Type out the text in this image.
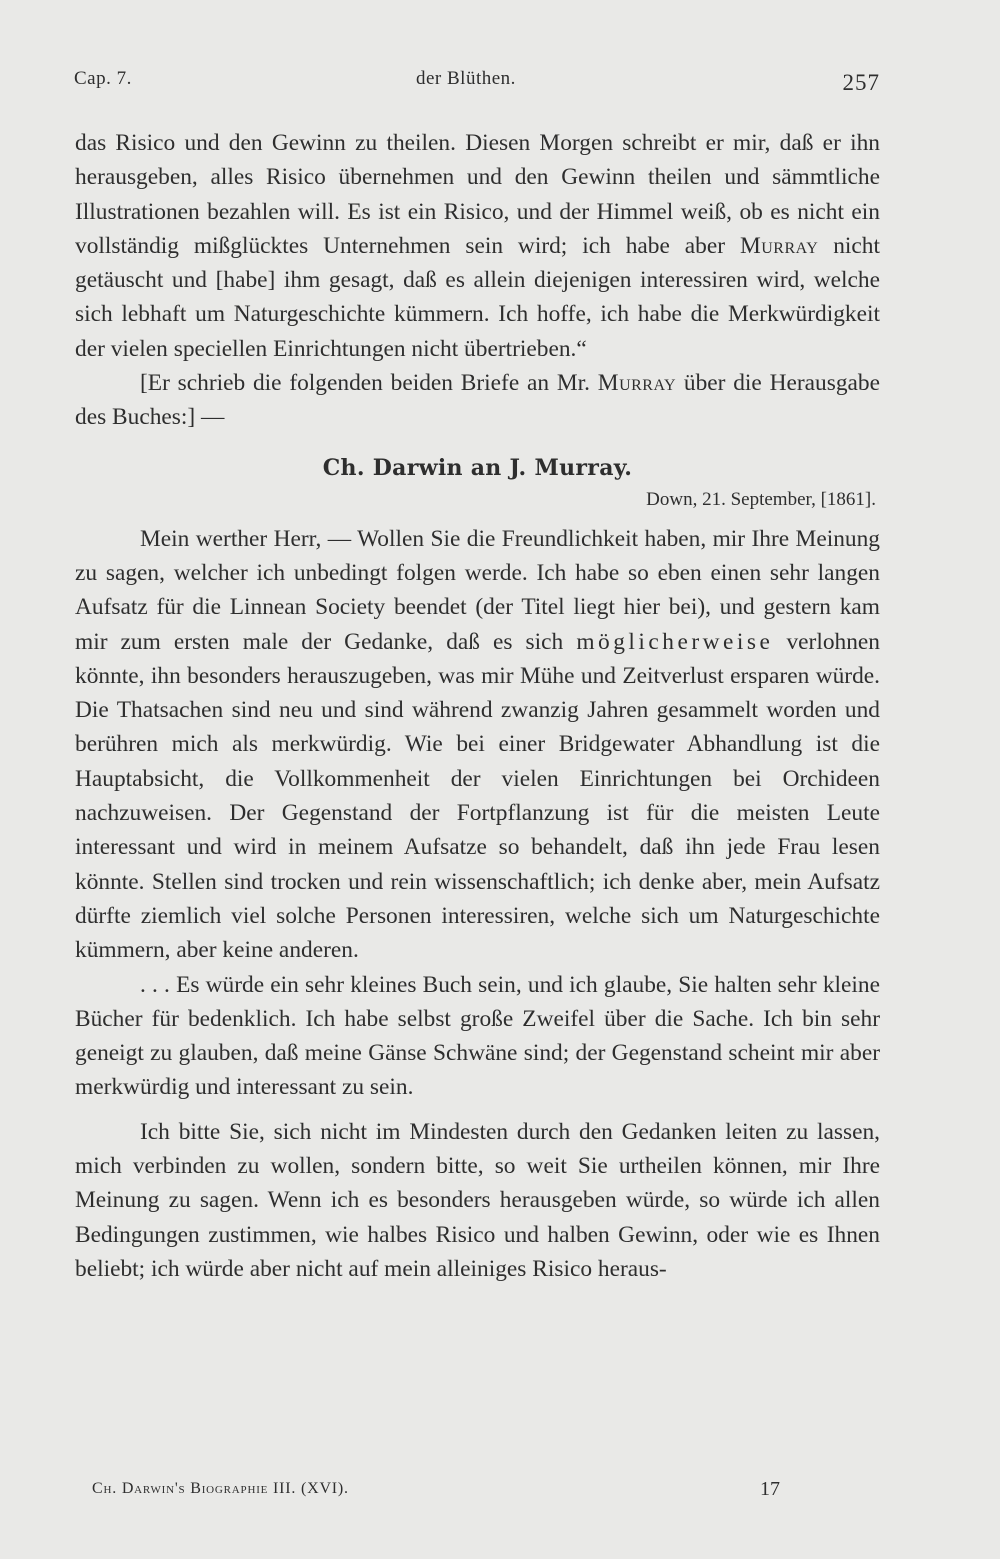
Cap. 7.	der Blüthen.	257

das Risico und den Gewinn zu theilen. Diesen Morgen schreibt er mir, daß er ihn herausgeben, alles Risico übernehmen und den Gewinn theilen und sämmtliche Illustrationen bezahlen will. Es ist ein Risico, und der Himmel weiß, ob es nicht ein vollständig mißglücktes Unternehmen sein wird; ich habe aber Murray nicht getäuscht und [habe] ihm gesagt, daß es allein diejenigen interessiren wird, welche sich lebhaft um Naturgeschichte kümmern. Ich hoffe, ich habe die Merkwürdigkeit der vielen speciellen Einrichtungen nicht übertrieben.“

[Er schrieb die folgenden beiden Briefe an Mr. Murray über die Herausgabe des Buches:] —

Ch. Darwin an J. Murray.

Down, 21. September, [1861].

Mein werther Herr, — Wollen Sie die Freundlichkeit haben, mir Ihre Meinung zu sagen, welcher ich unbedingt folgen werde. Ich habe so eben einen sehr langen Aufsatz für die Linnean Society beendet (der Titel liegt hier bei), und gestern kam mir zum ersten male der Gedanke, daß es sich möglicherweise verlohnen könnte, ihn besonders herauszugeben, was mir Mühe und Zeitverlust ersparen würde. Die Thatsachen sind neu und sind während zwanzig Jahren gesammelt worden und berühren mich als merkwürdig. Wie bei einer Bridgewater Abhandlung ist die Hauptabsicht, die Vollkommenheit der vielen Einrichtungen bei Orchideen nachzuweisen. Der Gegenstand der Fortpflanzung ist für die meisten Leute interessant und wird in meinem Aufsatze so behandelt, daß ihn jede Frau lesen könnte. Stellen sind trocken und rein wissenschaftlich; ich denke aber, mein Aufsatz dürfte ziemlich viel solche Personen interessiren, welche sich um Naturgeschichte kümmern, aber keine anderen.

. . . Es würde ein sehr kleines Buch sein, und ich glaube, Sie halten sehr kleine Bücher für bedenklich. Ich habe selbst große Zweifel über die Sache. Ich bin sehr geneigt zu glauben, daß meine Gänse Schwäne sind; der Gegenstand scheint mir aber merkwürdig und interessant zu sein.

Ich bitte Sie, sich nicht im Mindesten durch den Gedanken leiten zu lassen, mich verbinden zu wollen, sondern bitte, so weit Sie urtheilen können, mir Ihre Meinung zu sagen. Wenn ich es besonders herausgeben würde, so würde ich allen Bedingungen zustimmen, wie halbes Risico und halben Gewinn, oder wie es Ihnen beliebt; ich würde aber nicht auf mein alleiniges Risico heraus-

Ch. Darwin's Biographie III. (XVI).	17
